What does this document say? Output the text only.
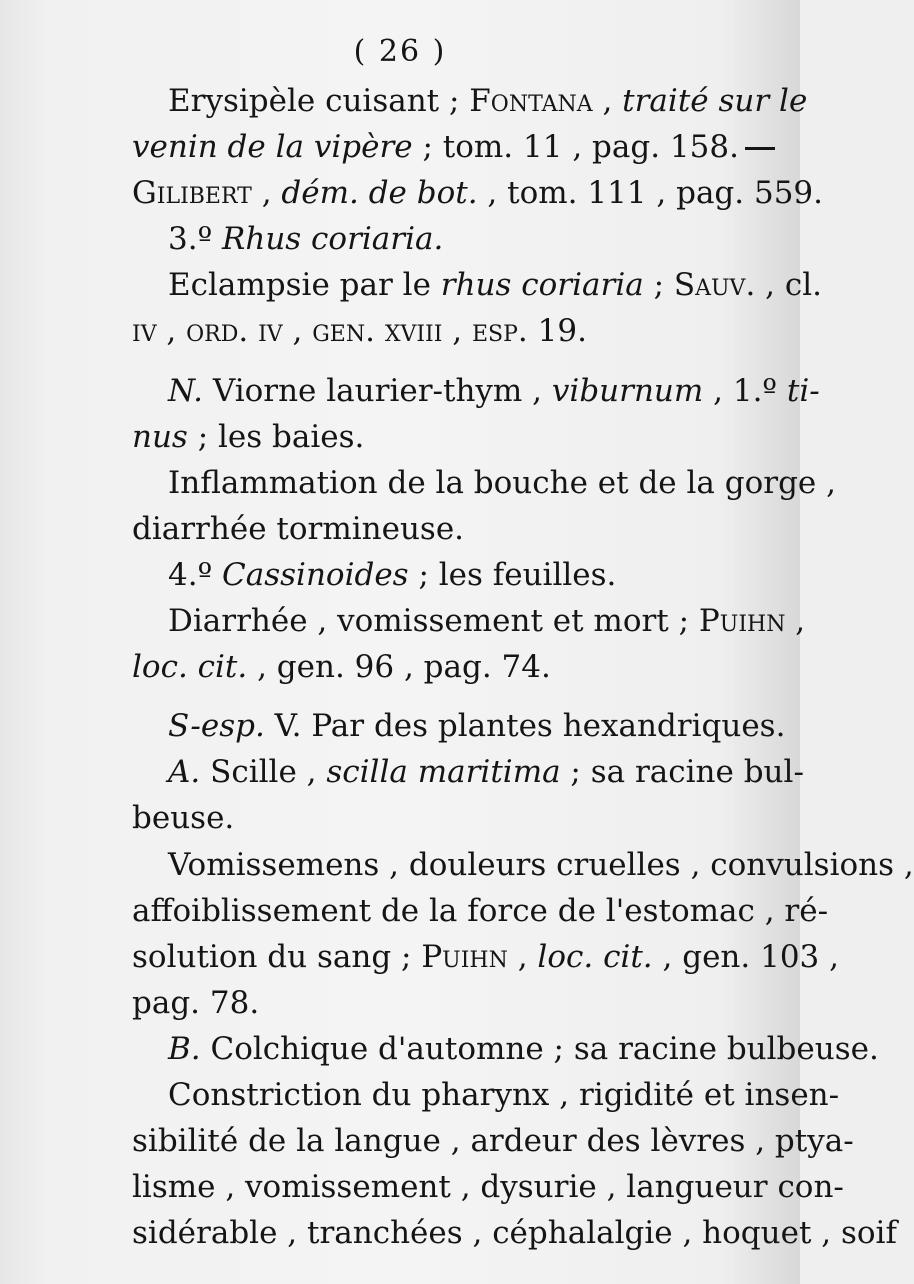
( 26 )
Erysipèle cuisant ; Fontana , traité sur le
venin de la vipère ; tom. 11 , pag. 158.
Gilibert , dém. de bot. , tom. 111 , pag. 559.
3.º Rhus coriaria.
Eclampsie par le rhus coriaria ; Sauv. , cl.
iv , ord. iv , gen. xviii , esp. 19.
N. Viorne laurier-thym , viburnum , 1.º ti-
nus ; les baies.
Inflammation de la bouche et de la gorge ,
diarrhée tormineuse.
4.º Cassinoides ; les feuilles.
Diarrhée , vomissement et mort ; Puihn ,
loc. cit. , gen. 96 , pag. 74.
S-esp. V. Par des plantes hexandriques.
A. Scille , scilla maritima ; sa racine bul-
beuse.
Vomissemens , douleurs cruelles , convulsions ,
affoiblissement de la force de l'estomac , ré-
solution du sang ; Puihn , loc. cit. , gen. 103 ,
pag. 78.
B. Colchique d'automne ; sa racine bulbeuse.
Constriction du pharynx , rigidité et insen-
sibilité de la langue , ardeur des lèvres , ptya-
lisme , vomissement , dysurie , langueur con-
sidérable , tranchées , céphalalgie , hoquet , soif
